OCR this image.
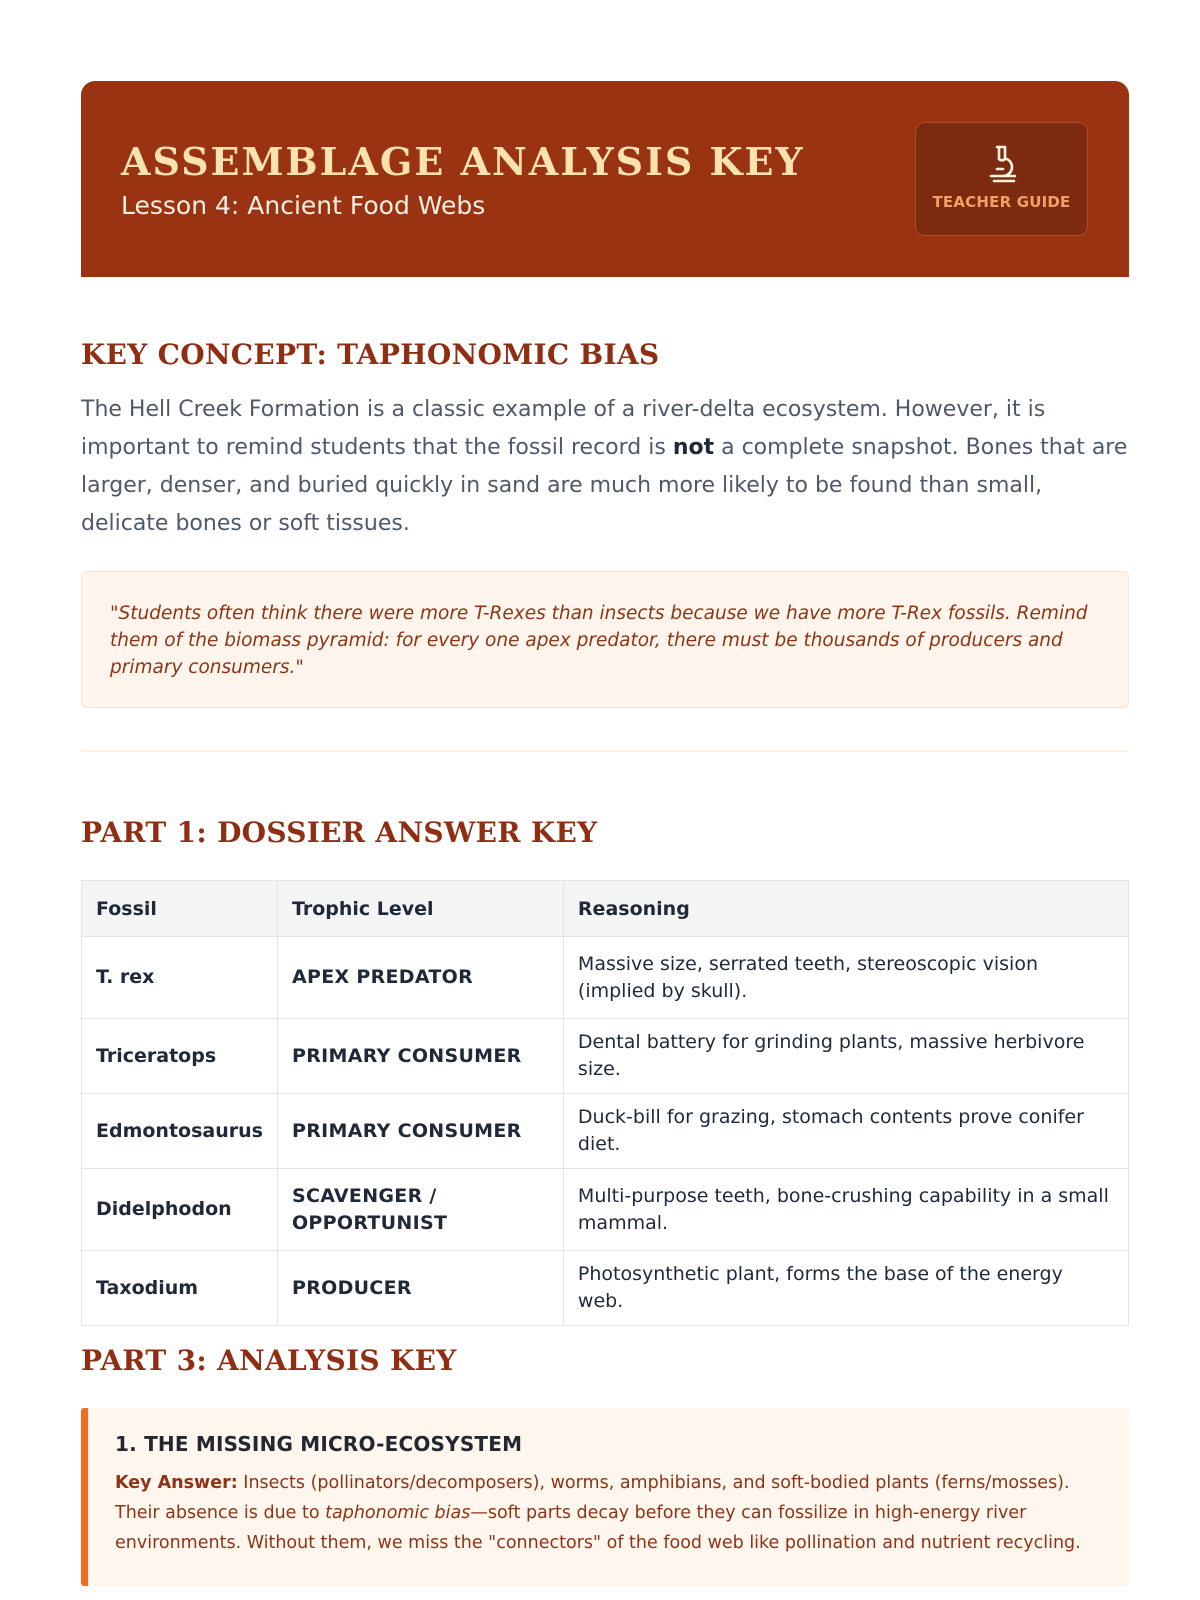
ASSEMBLAGE ANALYSIS KEY
Lesson 4: Ancient Food Webs	TEACHER GUIDE
KEY CONCEPT: TAPHONOMIC BIAS

The Hell Creek Formation is a classic example of a river-delta ecosystem. However, it is important to remind students that the fossil record is not a complete snapshot. Bones that are larger, denser, and buried quickly in sand are much more likely to be found than small, delicate bones or soft tissues.

"Students often think there were more T-Rexes than insects because we have more T-Rex fossils. Remind them of the biomass pyramid: for every one apex predator, there must be thousands of producers and primary consumers."
PART 1: DOSSIER ANSWER KEY
Fossil	Trophic Level	Reasoning
T. rex	APEX PREDATOR	Massive size, serrated teeth, stereoscopic vision (implied by skull).
Triceratops	PRIMARY CONSUMER	Dental battery for grinding plants, massive herbivore size.
Edmontosaurus	PRIMARY CONSUMER	Duck-bill for grazing, stomach contents prove conifer diet.
Didelphodon	SCAVENGER / OPPORTUNIST	Multi-purpose teeth, bone-crushing capability in a small mammal.
Taxodium	PRODUCER	Photosynthetic plant, forms the base of the energy web.
PART 3: ANALYSIS KEY
1. THE MISSING MICRO-ECOSYSTEM

Key Answer: Insects (pollinators/decomposers), worms, amphibians, and soft-bodied plants (ferns/mosses). Their absence is due to taphonomic bias—soft parts decay before they can fossilize in high-energy river environments. Without them, we miss the "connectors" of the food web like pollination and nutrient recycling.
